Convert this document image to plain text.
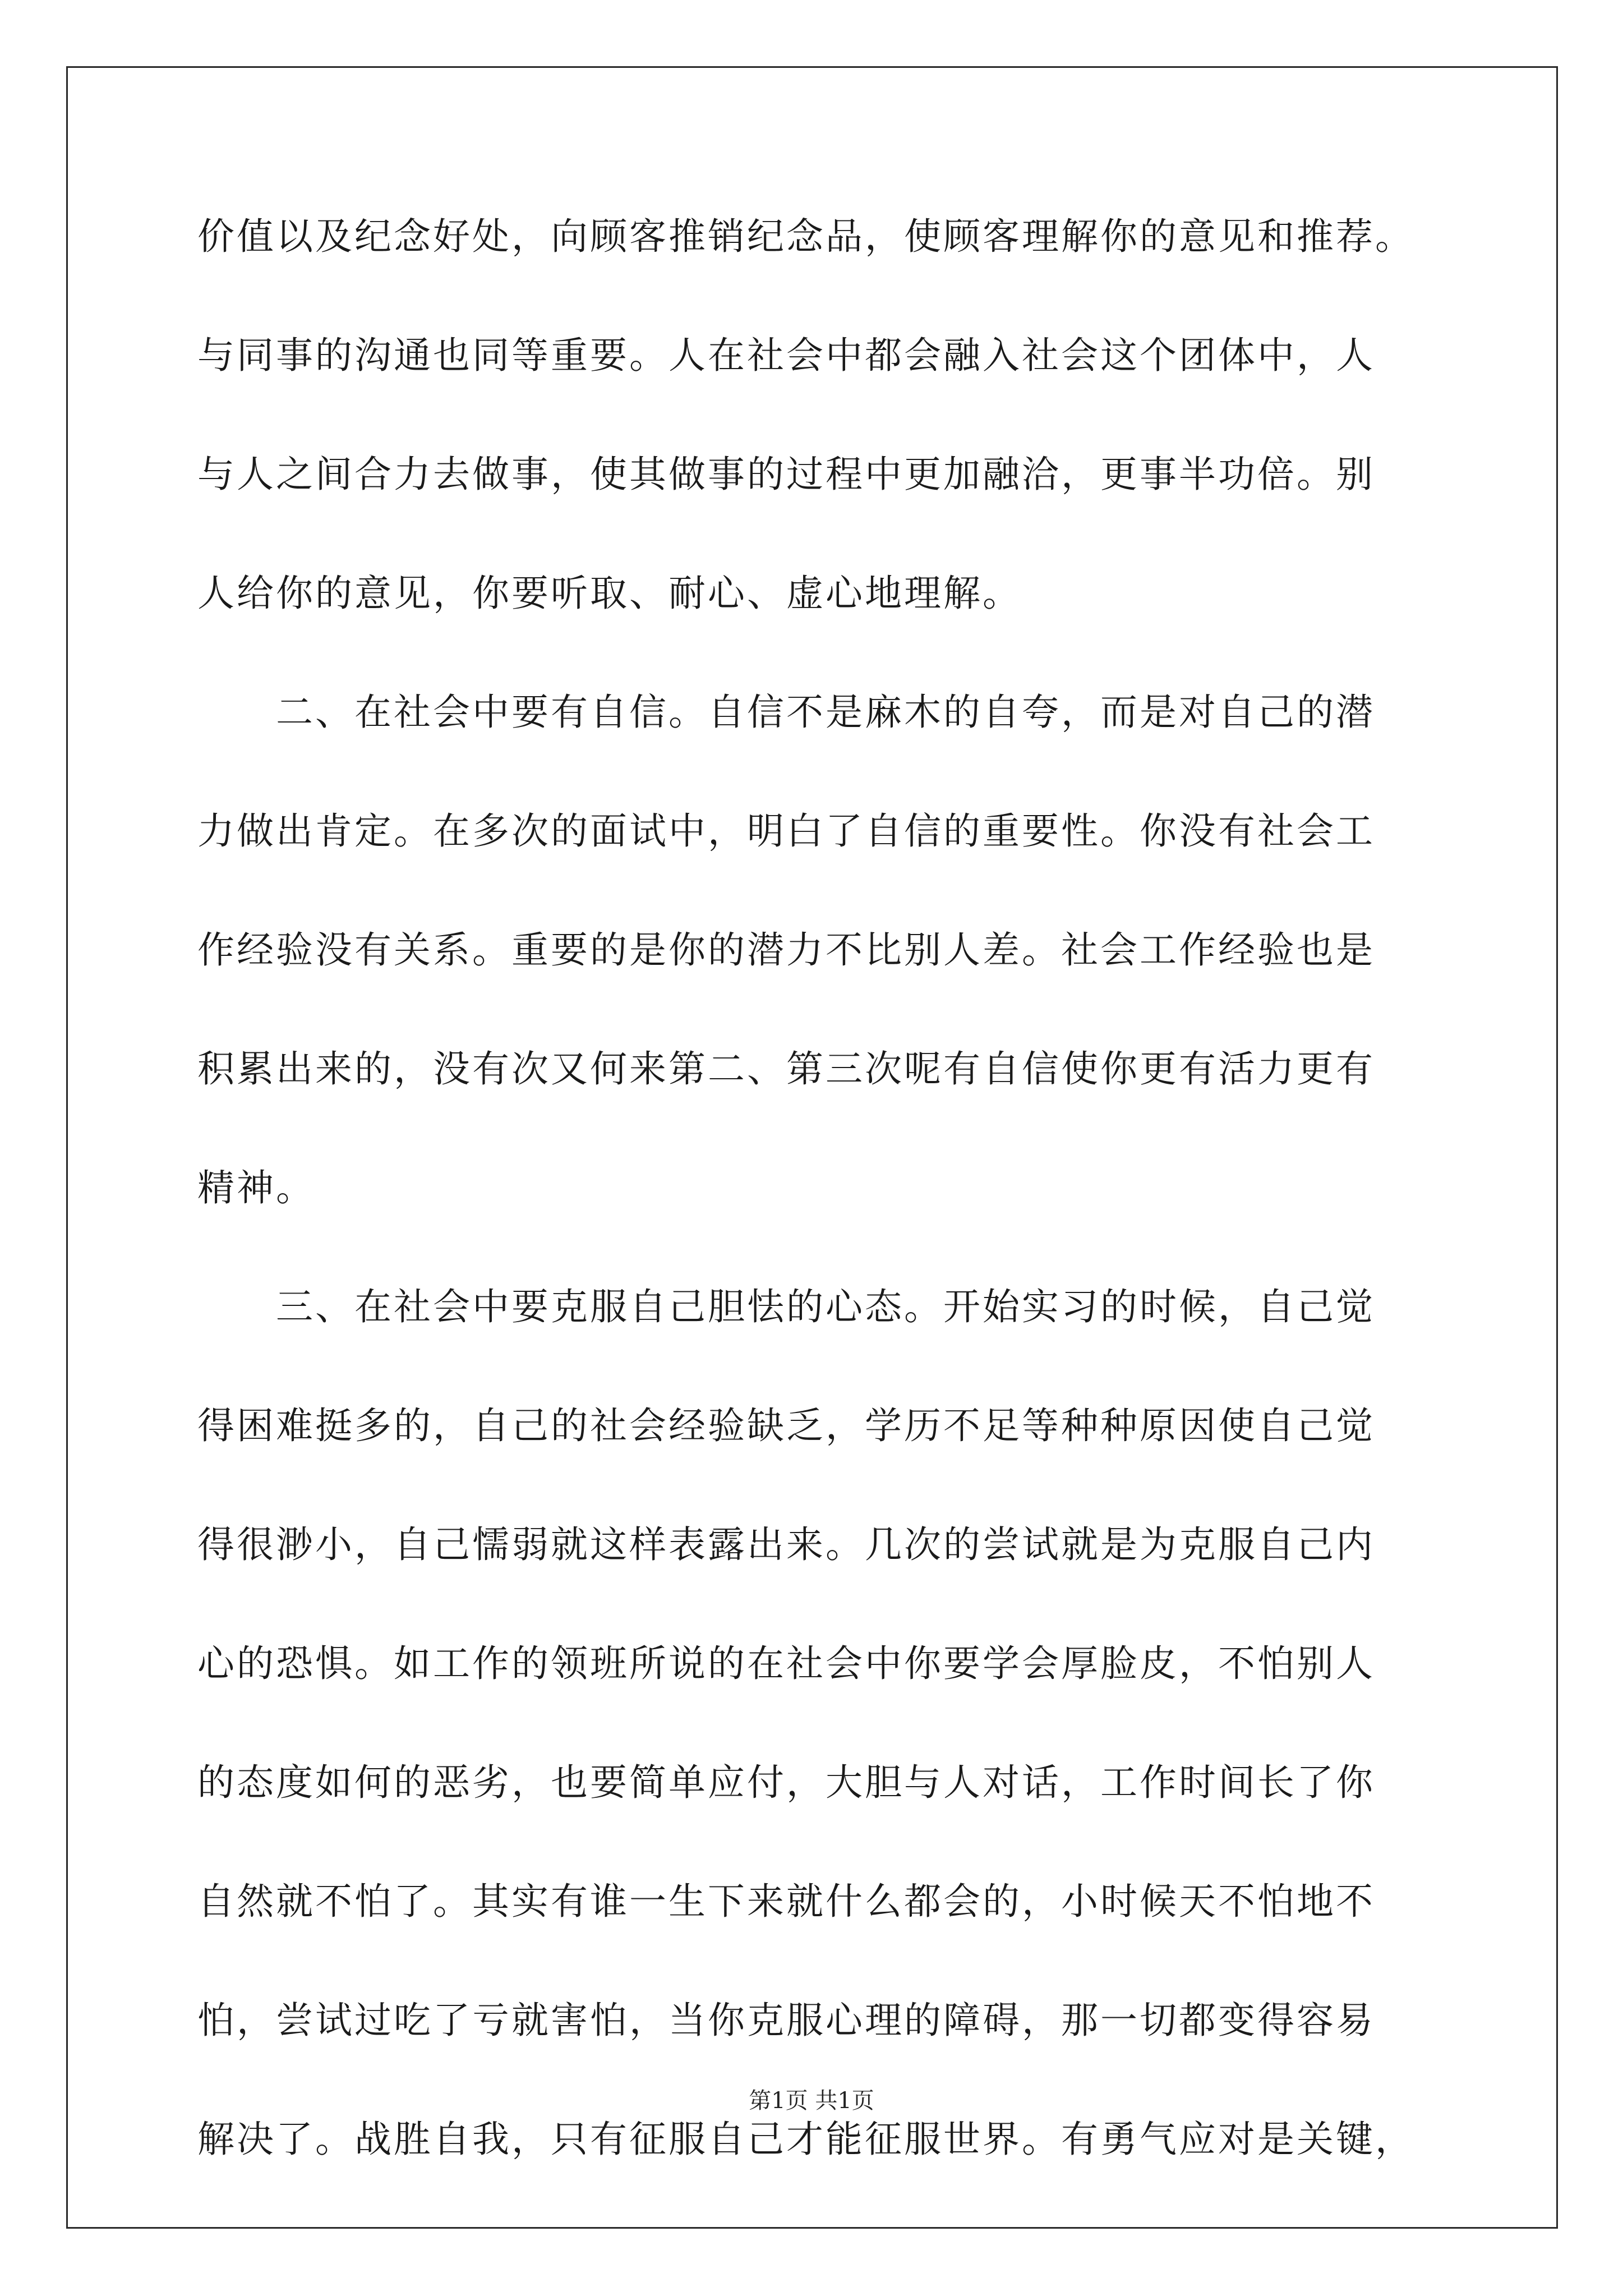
价值以及纪念好处，向顾客推销纪念品，使顾客理解你的意见和推荐。
与同事的沟通也同等重要。人在社会中都会融入社会这个团体中，人
与人之间合力去做事，使其做事的过程中更加融洽，更事半功倍。别
人给你的意见，你要听取、耐心、虚心地理解。
二、在社会中要有自信。自信不是麻木的自夸，而是对自己的潜
力做出肯定。在多次的面试中，明白了自信的重要性。你没有社会工
作经验没有关系。重要的是你的潜力不比别人差。社会工作经验也是
积累出来的，没有次又何来第二、第三次呢有自信使你更有活力更有
精神。
三、在社会中要克服自己胆怯的心态。开始实习的时候，自己觉
得困难挺多的，自己的社会经验缺乏，学历不足等种种原因使自己觉
得很渺小，自己懦弱就这样表露出来。几次的尝试就是为克服自己内
心的恐惧。如工作的领班所说的在社会中你要学会厚脸皮，不怕别人
的态度如何的恶劣，也要简单应付，大胆与人对话，工作时间长了你
自然就不怕了。其实有谁一生下来就什么都会的，小时候天不怕地不
怕，尝试过吃了亏就害怕，当你克服心理的障碍，那一切都变得容易
解决了。战胜自我，只有征服自己才能征服世界。有勇气应对是关键，
第1页 共1页
